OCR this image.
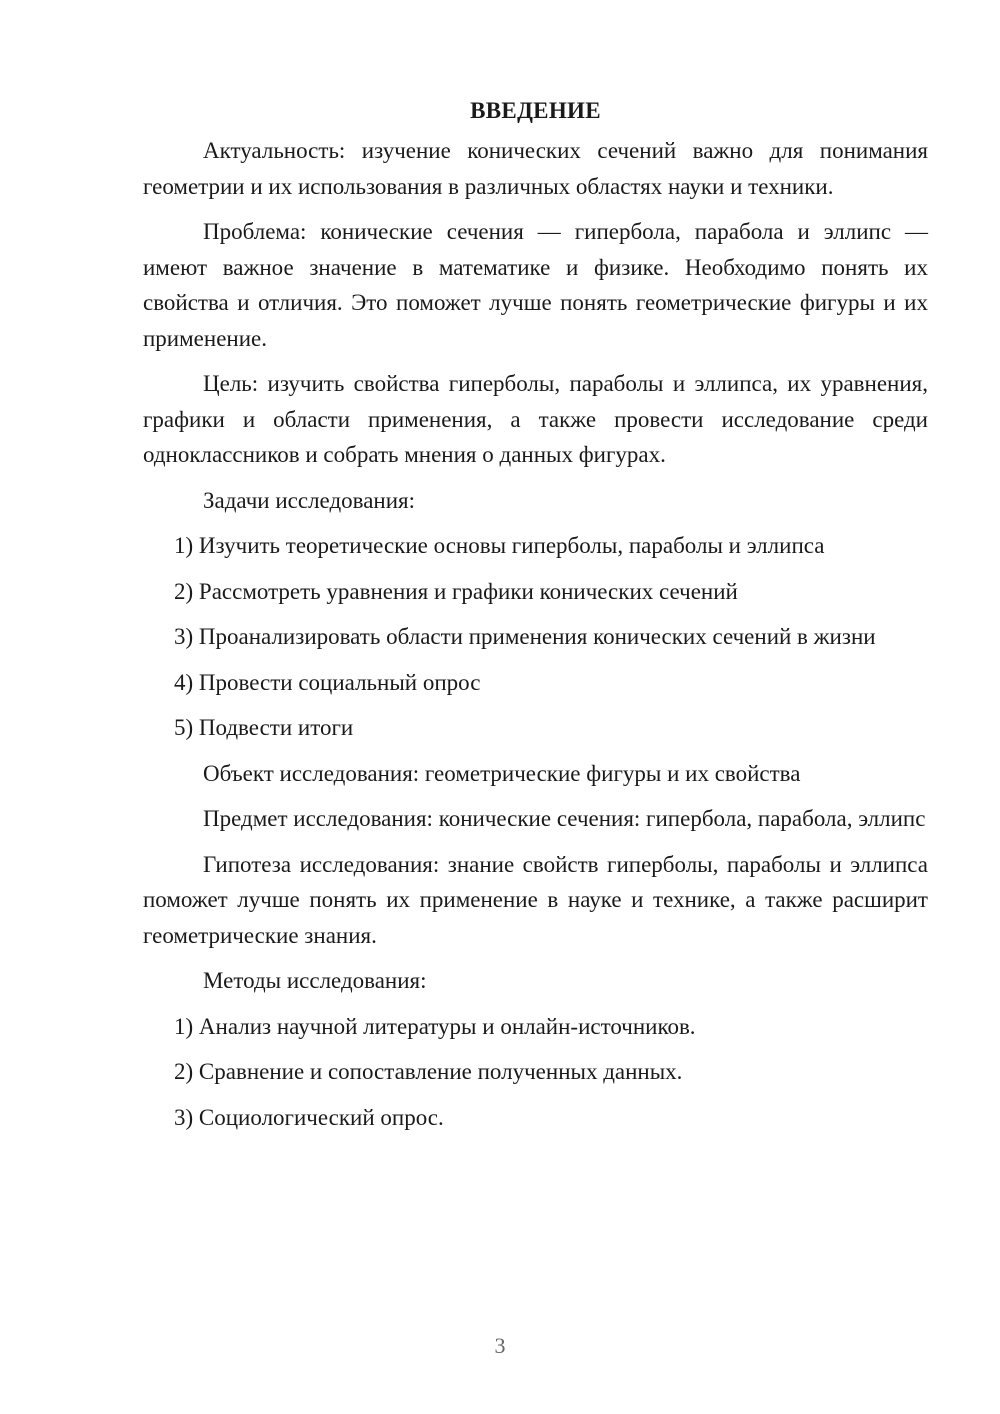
ВВЕДЕНИЕ

Актуальность: изучение конических сечений важно для понимания геометрии и их использования в различных областях науки и техники.

Проблема: конические сечения — гипербола, парабола и эллипс — имеют важное значение в математике и физике. Необходимо понять их свойства и отличия. Это поможет лучше понять геометрические фигуры и их применение.

Цель: изучить свойства гиперболы, параболы и эллипса, их уравнения, графики и области применения, а также провести исследование среди одноклассников и собрать мнения о данных фигурах.

Задачи исследования:

1) Изучить теоретические основы гиперболы, параболы и эллипса

2) Рассмотреть уравнения и графики конических сечений

3) Проанализировать области применения конических сечений в жизни

4) Провести социальный опрос

5) Подвести итоги

Объект исследования: геометрические фигуры и их свойства

Предмет исследования: конические сечения: гипербола, парабола, эллипс

Гипотеза исследования: знание свойств гиперболы, параболы и эллипса поможет лучше понять их применение в науке и технике, а также расширит геометрические знания.

Методы исследования:

1) Анализ научной литературы и онлайн-источников.

2) Сравнение и сопоставление полученных данных.

3) Социологический опрос.

3
